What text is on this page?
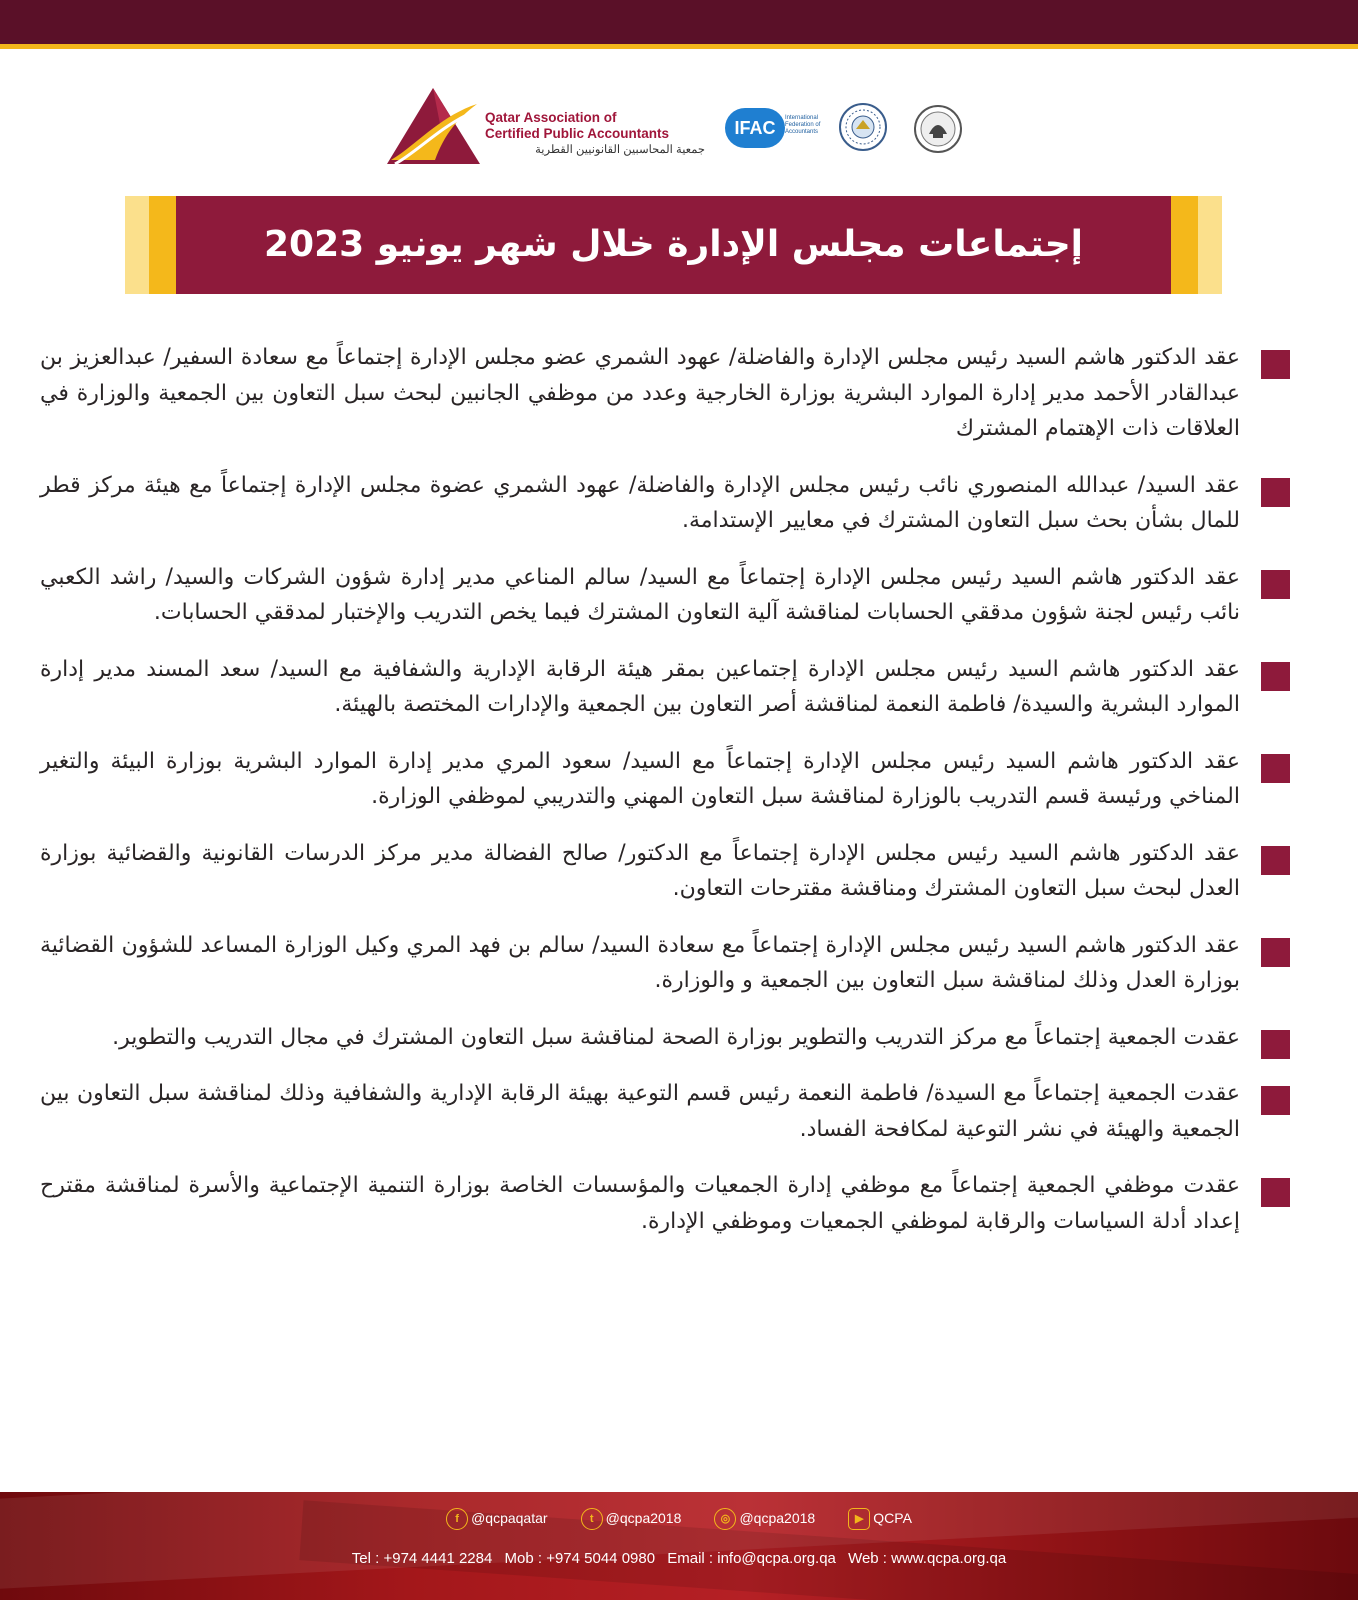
Qatar Association of
Certified Public Accountants
جمعية المحاسبين القانونيين القطرية
IFAC	International Federation of Accountants
إجتماعات مجلس الإدارة خلال شهر يونيو 2023
عقد الدكتور هاشم السيد رئيس مجلس الإدارة والفاضلة/ عهود الشمري عضو مجلس الإدارة إجتماعاً مع سعادة السفير/ عبدالعزيز بن عبدالقادر الأحمد مدير إدارة الموارد البشرية بوزارة الخارجية وعدد من موظفي الجانبين لبحث سبل التعاون بين الجمعية والوزارة في العلاقات ذات الإهتمام المشترك
عقد السيد/ عبدالله المنصوري نائب رئيس مجلس الإدارة والفاضلة/ عهود الشمري عضوة مجلس الإدارة إجتماعاً مع هيئة مركز قطر للمال بشأن بحث سبل التعاون المشترك في معايير الإستدامة.
عقد الدكتور هاشم السيد رئيس مجلس الإدارة إجتماعاً مع السيد/ سالم المناعي مدير إدارة شؤون الشركات والسيد/ راشد الكعبي نائب رئيس لجنة شؤون مدققي الحسابات لمناقشة آلية التعاون المشترك فيما يخص التدريب والإختبار لمدققي الحسابات.
عقد الدكتور هاشم السيد رئيس مجلس الإدارة إجتماعين بمقر هيئة الرقابة الإدارية والشفافية مع السيد/ سعد المسند مدير إدارة الموارد البشرية والسيدة/ فاطمة النعمة لمناقشة أصر التعاون بين الجمعية والإدارات المختصة بالهيئة.
عقد الدكتور هاشم السيد رئيس مجلس الإدارة إجتماعاً مع السيد/ سعود المري مدير إدارة الموارد البشرية بوزارة البيئة والتغير المناخي ورئيسة قسم التدريب بالوزارة لمناقشة سبل التعاون المهني والتدريبي لموظفي الوزارة.
عقد الدكتور هاشم السيد رئيس مجلس الإدارة إجتماعاً مع الدكتور/ صالح الفضالة مدير مركز الدرسات القانونية والقضائية بوزارة العدل لبحث سبل التعاون المشترك ومناقشة مقترحات التعاون.
عقد الدكتور هاشم السيد رئيس مجلس الإدارة إجتماعاً مع سعادة السيد/ سالم بن فهد المري وكيل الوزارة المساعد للشؤون القضائية بوزارة العدل وذلك لمناقشة سبل التعاون بين الجمعية و والوزارة.
عقدت الجمعية إجتماعاً مع مركز التدريب والتطوير بوزارة الصحة لمناقشة سبل التعاون المشترك في مجال التدريب والتطوير.
عقدت الجمعية إجتماعاً مع السيدة/ فاطمة النعمة رئيس قسم التوعية بهيئة الرقابة الإدارية والشفافية وذلك لمناقشة سبل التعاون بين الجمعية والهيئة في نشر التوعية لمكافحة الفساد.
عقدت موظفي الجمعية إجتماعاً مع موظفي إدارة الجمعيات والمؤسسات الخاصة بوزارة التنمية الإجتماعية والأسرة لمناقشة مقترح إعداد أدلة السياسات والرقابة لموظفي الجمعيات وموظفي الإدارة.
f @qcpaqatar	t @qcpa2018	◎ @qcpa2018	▶ QCPA
Tel : +974 4441 2284 Mob : +974 5044 0980 Email : info@qcpa.org.qa Web : www.qcpa.org.qa
